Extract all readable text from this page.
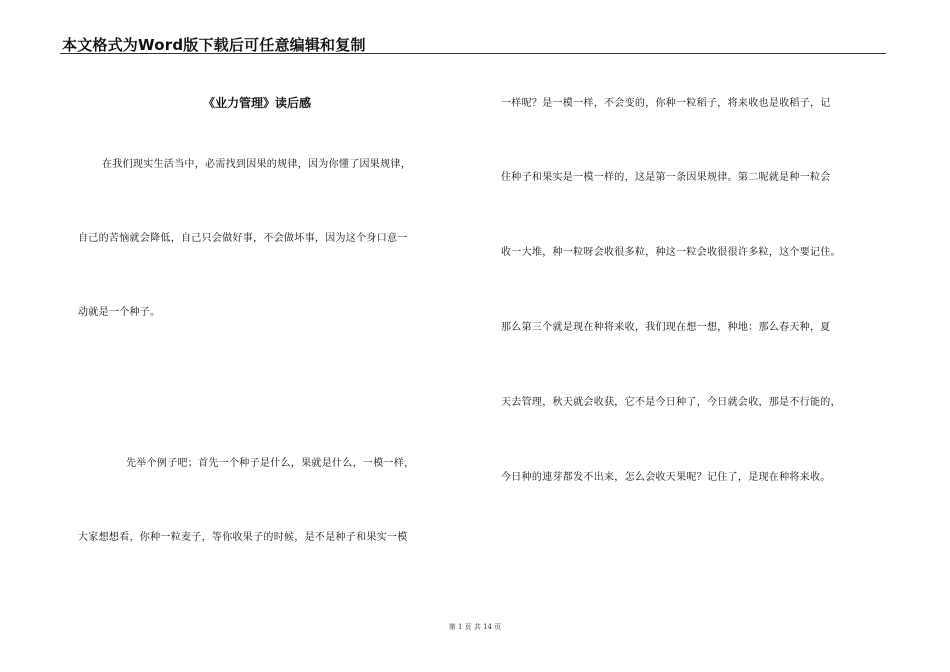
本文格式为Word版下载后可任意编辑和复制
《业力管理》读后感
在我们现实生活当中，必需找到因果的规律，因为你懂了因果规律，
自己的苦恼就会降低，自己只会做好事，不会做坏事，因为这个身口意一
动就是一个种子。
先举个例子吧；首先一个种子是什么，果就是什么，一模一样，
大家想想看，你种一粒麦子，等你收果子的时候，是不是种子和果实一模
一样呢？是一模一样，不会变的，你种一粒稻子，将来收也是收稻子，记
住种子和果实是一模一样的，这是第一条因果规律。第二呢就是种一粒会
收一大堆，种一粒呀会收很多粒，种这一粒会收很很许多粒，这个要记住。
那么第三个就是现在种将来收，我们现在想一想，种地：那么春天种，夏
天去管理，秋天就会收获，它不是今日种了，今日就会收，那是不行能的，
今日种的連芽都发不出来，怎么会收天果呢？记住了，是现在种将来收。
第 1 页 共 14 页
